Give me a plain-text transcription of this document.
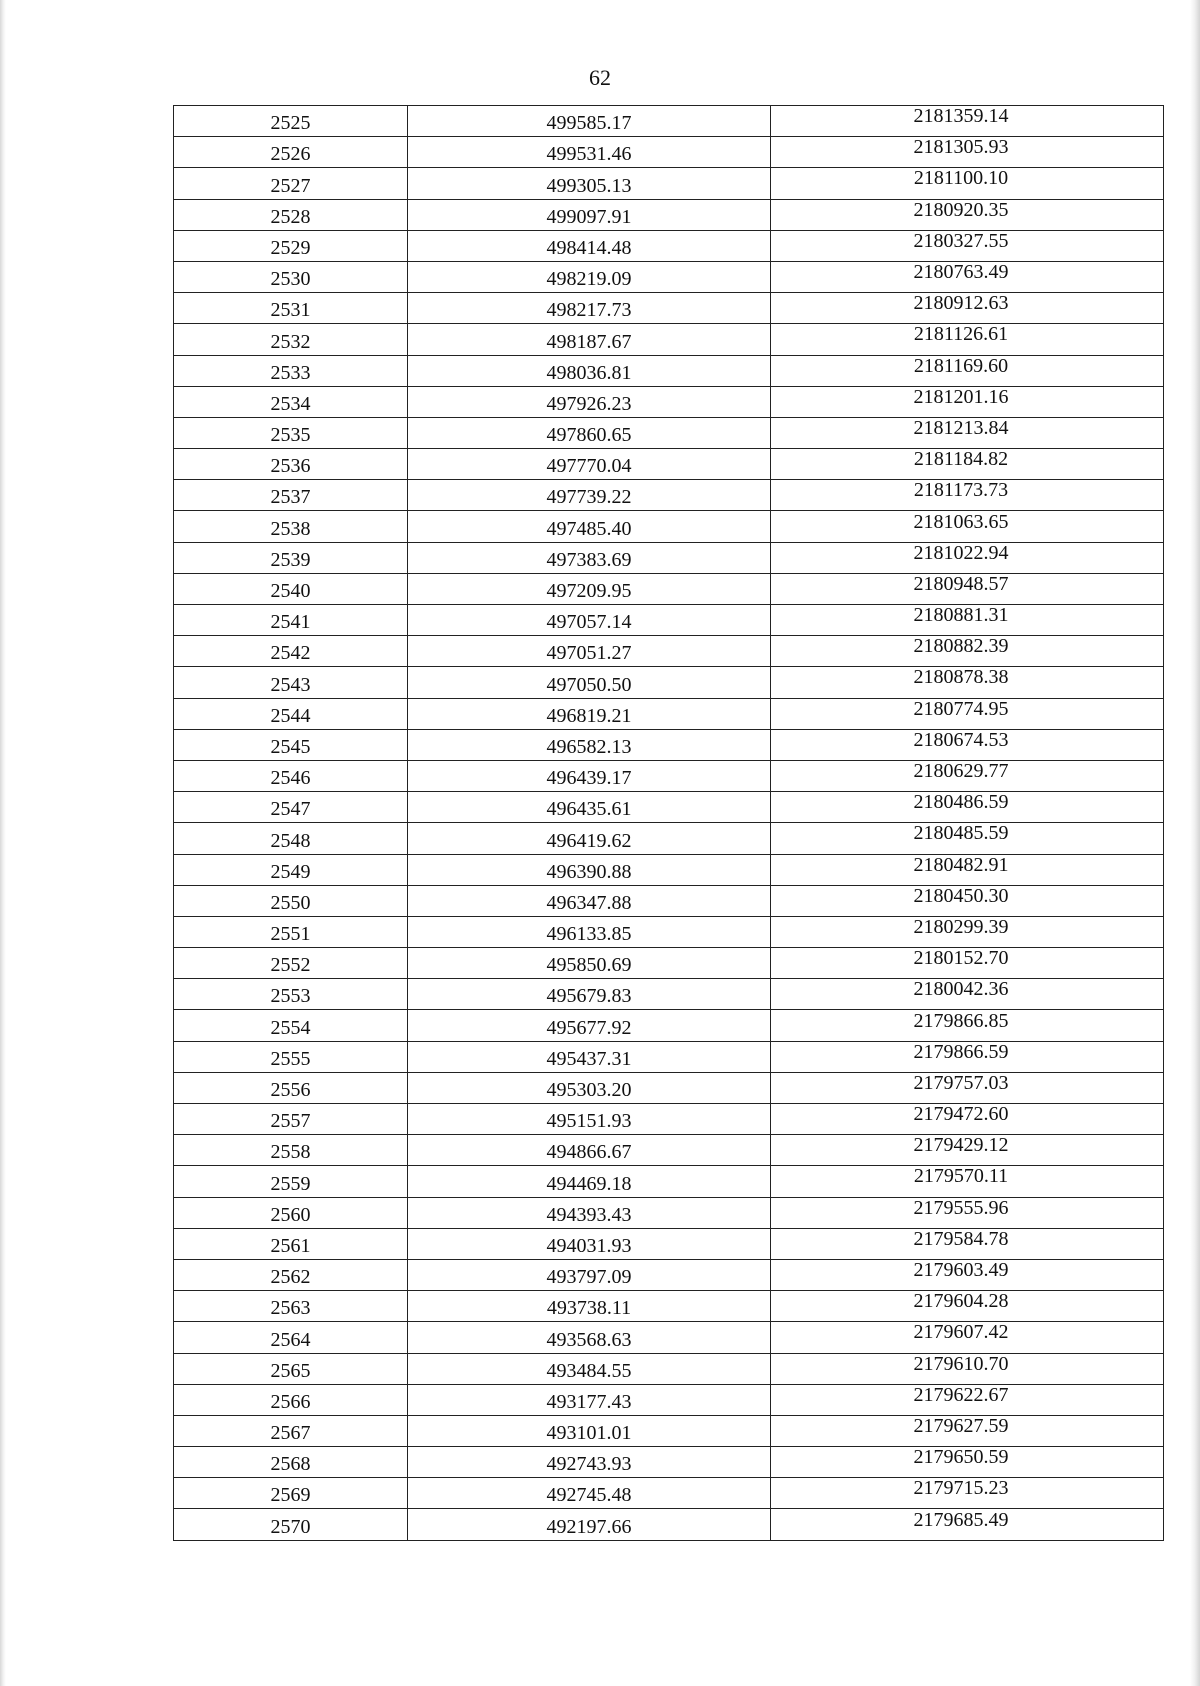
62
2525	499585.17	2181359.14
2526	499531.46	2181305.93
2527	499305.13	2181100.10
2528	499097.91	2180920.35
2529	498414.48	2180327.55
2530	498219.09	2180763.49
2531	498217.73	2180912.63
2532	498187.67	2181126.61
2533	498036.81	2181169.60
2534	497926.23	2181201.16
2535	497860.65	2181213.84
2536	497770.04	2181184.82
2537	497739.22	2181173.73
2538	497485.40	2181063.65
2539	497383.69	2181022.94
2540	497209.95	2180948.57
2541	497057.14	2180881.31
2542	497051.27	2180882.39
2543	497050.50	2180878.38
2544	496819.21	2180774.95
2545	496582.13	2180674.53
2546	496439.17	2180629.77
2547	496435.61	2180486.59
2548	496419.62	2180485.59
2549	496390.88	2180482.91
2550	496347.88	2180450.30
2551	496133.85	2180299.39
2552	495850.69	2180152.70
2553	495679.83	2180042.36
2554	495677.92	2179866.85
2555	495437.31	2179866.59
2556	495303.20	2179757.03
2557	495151.93	2179472.60
2558	494866.67	2179429.12
2559	494469.18	2179570.11
2560	494393.43	2179555.96
2561	494031.93	2179584.78
2562	493797.09	2179603.49
2563	493738.11	2179604.28
2564	493568.63	2179607.42
2565	493484.55	2179610.70
2566	493177.43	2179622.67
2567	493101.01	2179627.59
2568	492743.93	2179650.59
2569	492745.48	2179715.23
2570	492197.66	2179685.49
